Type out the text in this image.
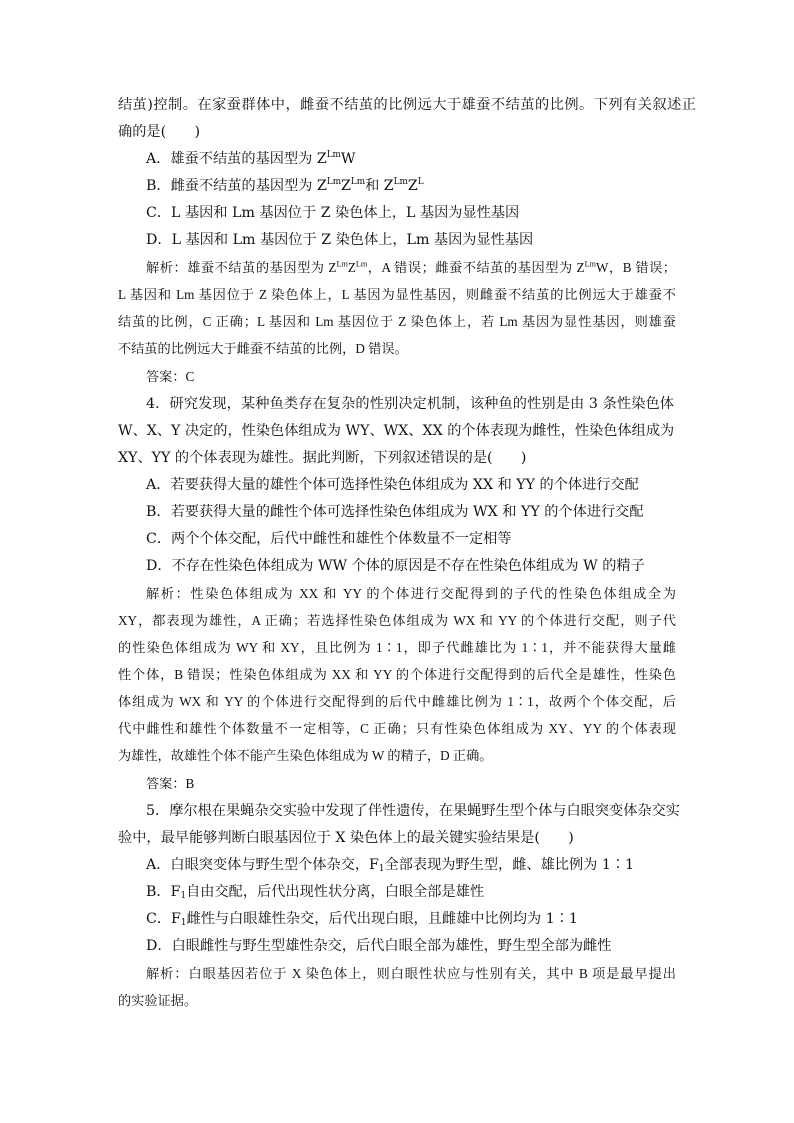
结茧)控制。在家蚕群体中，雌蚕不结茧的比例远大于雄蚕不结茧的比例。下列有关叙述正
确的是(　　)
A．雄蚕不结茧的基因型为 $Z^{Lm}W$
B．雌蚕不结茧的基因型为 $Z^{Lm}Z^{Lm}$和 $Z^{Lm}Z^L$
C．L 基因和 Lm 基因位于 Z 染色体上，L 基因为显性基因
D．L 基因和 Lm 基因位于 Z 染色体上，Lm 基因为显性基因
解析：雄蚕不结茧的基因型为 $Z^{Lm}Z^{Lm}$，A 错误；雌蚕不结茧的基因型为 $Z^{Lm}W$，B 错误；
L 基因和 Lm 基因位于 Z 染色体上，L 基因为显性基因，则雌蚕不结茧的比例远大于雄蚕不
结茧的比例，C 正确；L 基因和 Lm 基因位于 Z 染色体上，若 Lm 基因为显性基因，则雄蚕
不结茧的比例远大于雌蚕不结茧的比例，D 错误。
答案：C
4．研究发现，某种鱼类存在复杂的性别决定机制，该种鱼的性别是由 3 条性染色体
W、X、Y 决定的，性染色体组成为 WY、WX、XX 的个体表现为雌性，性染色体组成为
XY、YY 的个体表现为雄性。据此判断，下列叙述错误的是(　　)
A．若要获得大量的雄性个体可选择性染色体组成为 XX 和 YY 的个体进行交配
B．若要获得大量的雌性个体可选择性染色体组成为 WX 和 YY 的个体进行交配
C．两个个体交配，后代中雌性和雄性个体数量不一定相等
D．不存在性染色体组成为 WW 个体的原因是不存在性染色体组成为 W 的精子
解析：性染色体组成为 XX 和 YY 的个体进行交配得到的子代的性染色体组成全为
XY，都表现为雄性，A 正确；若选择性染色体组成为 WX 和 YY 的个体进行交配，则子代
的性染色体组成为 WY 和 XY，且比例为 1∶1，即子代雌雄比为 1∶1，并不能获得大量雌
性个体，B 错误；性染色体组成为 XX 和 YY 的个体进行交配得到的后代全是雄性，性染色
体组成为 WX 和 YY 的个体进行交配得到的后代中雌雄比例为 1∶1，故两个个体交配，后
代中雌性和雄性个体数量不一定相等，C 正确；只有性染色体组成为 XY、YY 的个体表现
为雄性，故雄性个体不能产生染色体组成为 W 的精子，D 正确。
答案：B
5．摩尔根在果蝇杂交实验中发现了伴性遗传，在果蝇野生型个体与白眼突变体杂交实
验中，最早能够判断白眼基因位于 X 染色体上的最关键实验结果是(　　)
A．白眼突变体与野生型个体杂交，$F_1$全部表现为野生型，雌、雄比例为 1∶1
B．$F_1$自由交配，后代出现性状分离，白眼全部是雄性
C．$F_1$雌性与白眼雄性杂交，后代出现白眼，且雌雄中比例均为 1∶1
D．白眼雌性与野生型雄性杂交，后代白眼全部为雄性，野生型全部为雌性
解析：白眼基因若位于 X 染色体上，则白眼性状应与性别有关，其中 B 项是最早提出
的实验证据。
